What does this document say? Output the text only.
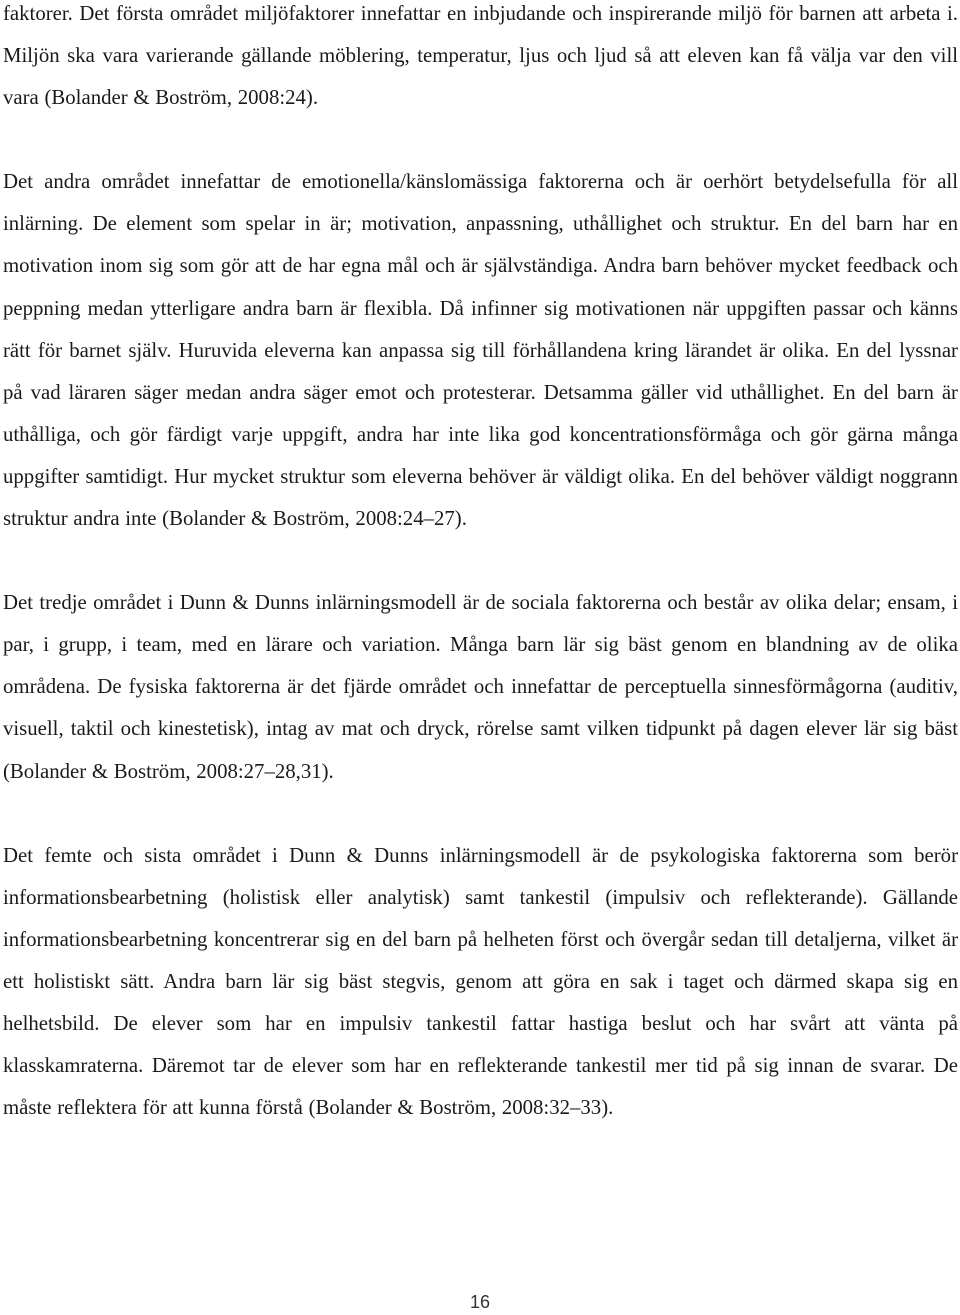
faktorer. Det första området miljöfaktorer innefattar en inbjudande och inspirerande miljö för barnen att arbeta i. Miljön ska vara varierande gällande möblering, temperatur, ljus och ljud så att eleven kan få välja var den vill vara (Bolander & Boström, 2008:24).

Det andra området innefattar de emotionella/känslomässiga faktorerna och är oerhört betydelsefulla för all inlärning. De element som spelar in är; motivation, anpassning, uthållighet och struktur. En del barn har en motivation inom sig som gör att de har egna mål och är självständiga. Andra barn behöver mycket feedback och peppning medan ytterligare andra barn är flexibla. Då infinner sig motivationen när uppgiften passar och känns rätt för barnet själv. Huruvida eleverna kan anpassa sig till förhållandena kring lärandet är olika. En del lyssnar på vad läraren säger medan andra säger emot och protesterar. Detsamma gäller vid uthållighet. En del barn är uthålliga, och gör färdigt varje uppgift, andra har inte lika god koncentrationsförmåga och gör gärna många uppgifter samtidigt. Hur mycket struktur som eleverna behöver är väldigt olika. En del behöver väldigt noggrann struktur andra inte (Bolander & Boström, 2008:24–27).

Det tredje området i Dunn & Dunns inlärningsmodell är de sociala faktorerna och består av olika delar; ensam, i par, i grupp, i team, med en lärare och variation. Många barn lär sig bäst genom en blandning av de olika områdena. De fysiska faktorerna är det fjärde området och innefattar de perceptuella sinnesförmågorna (auditiv, visuell, taktil och kinestetisk), intag av mat och dryck, rörelse samt vilken tidpunkt på dagen elever lär sig bäst (Bolander & Boström, 2008:27–28,31).

Det femte och sista området i Dunn & Dunns inlärningsmodell är de psykologiska faktorerna som berör informationsbearbetning (holistisk eller analytisk) samt tankestil (impulsiv och reflekterande). Gällande informationsbearbetning koncentrerar sig en del barn på helheten först och övergår sedan till detaljerna, vilket är ett holistiskt sätt. Andra barn lär sig bäst stegvis, genom att göra en sak i taget och därmed skapa sig en helhetsbild. De elever som har en impulsiv tankestil fattar hastiga beslut och har svårt att vänta på klasskamraterna. Däremot tar de elever som har en reflekterande tankestil mer tid på sig innan de svarar. De måste reflektera för att kunna förstå (Bolander & Boström, 2008:32–33).

16
